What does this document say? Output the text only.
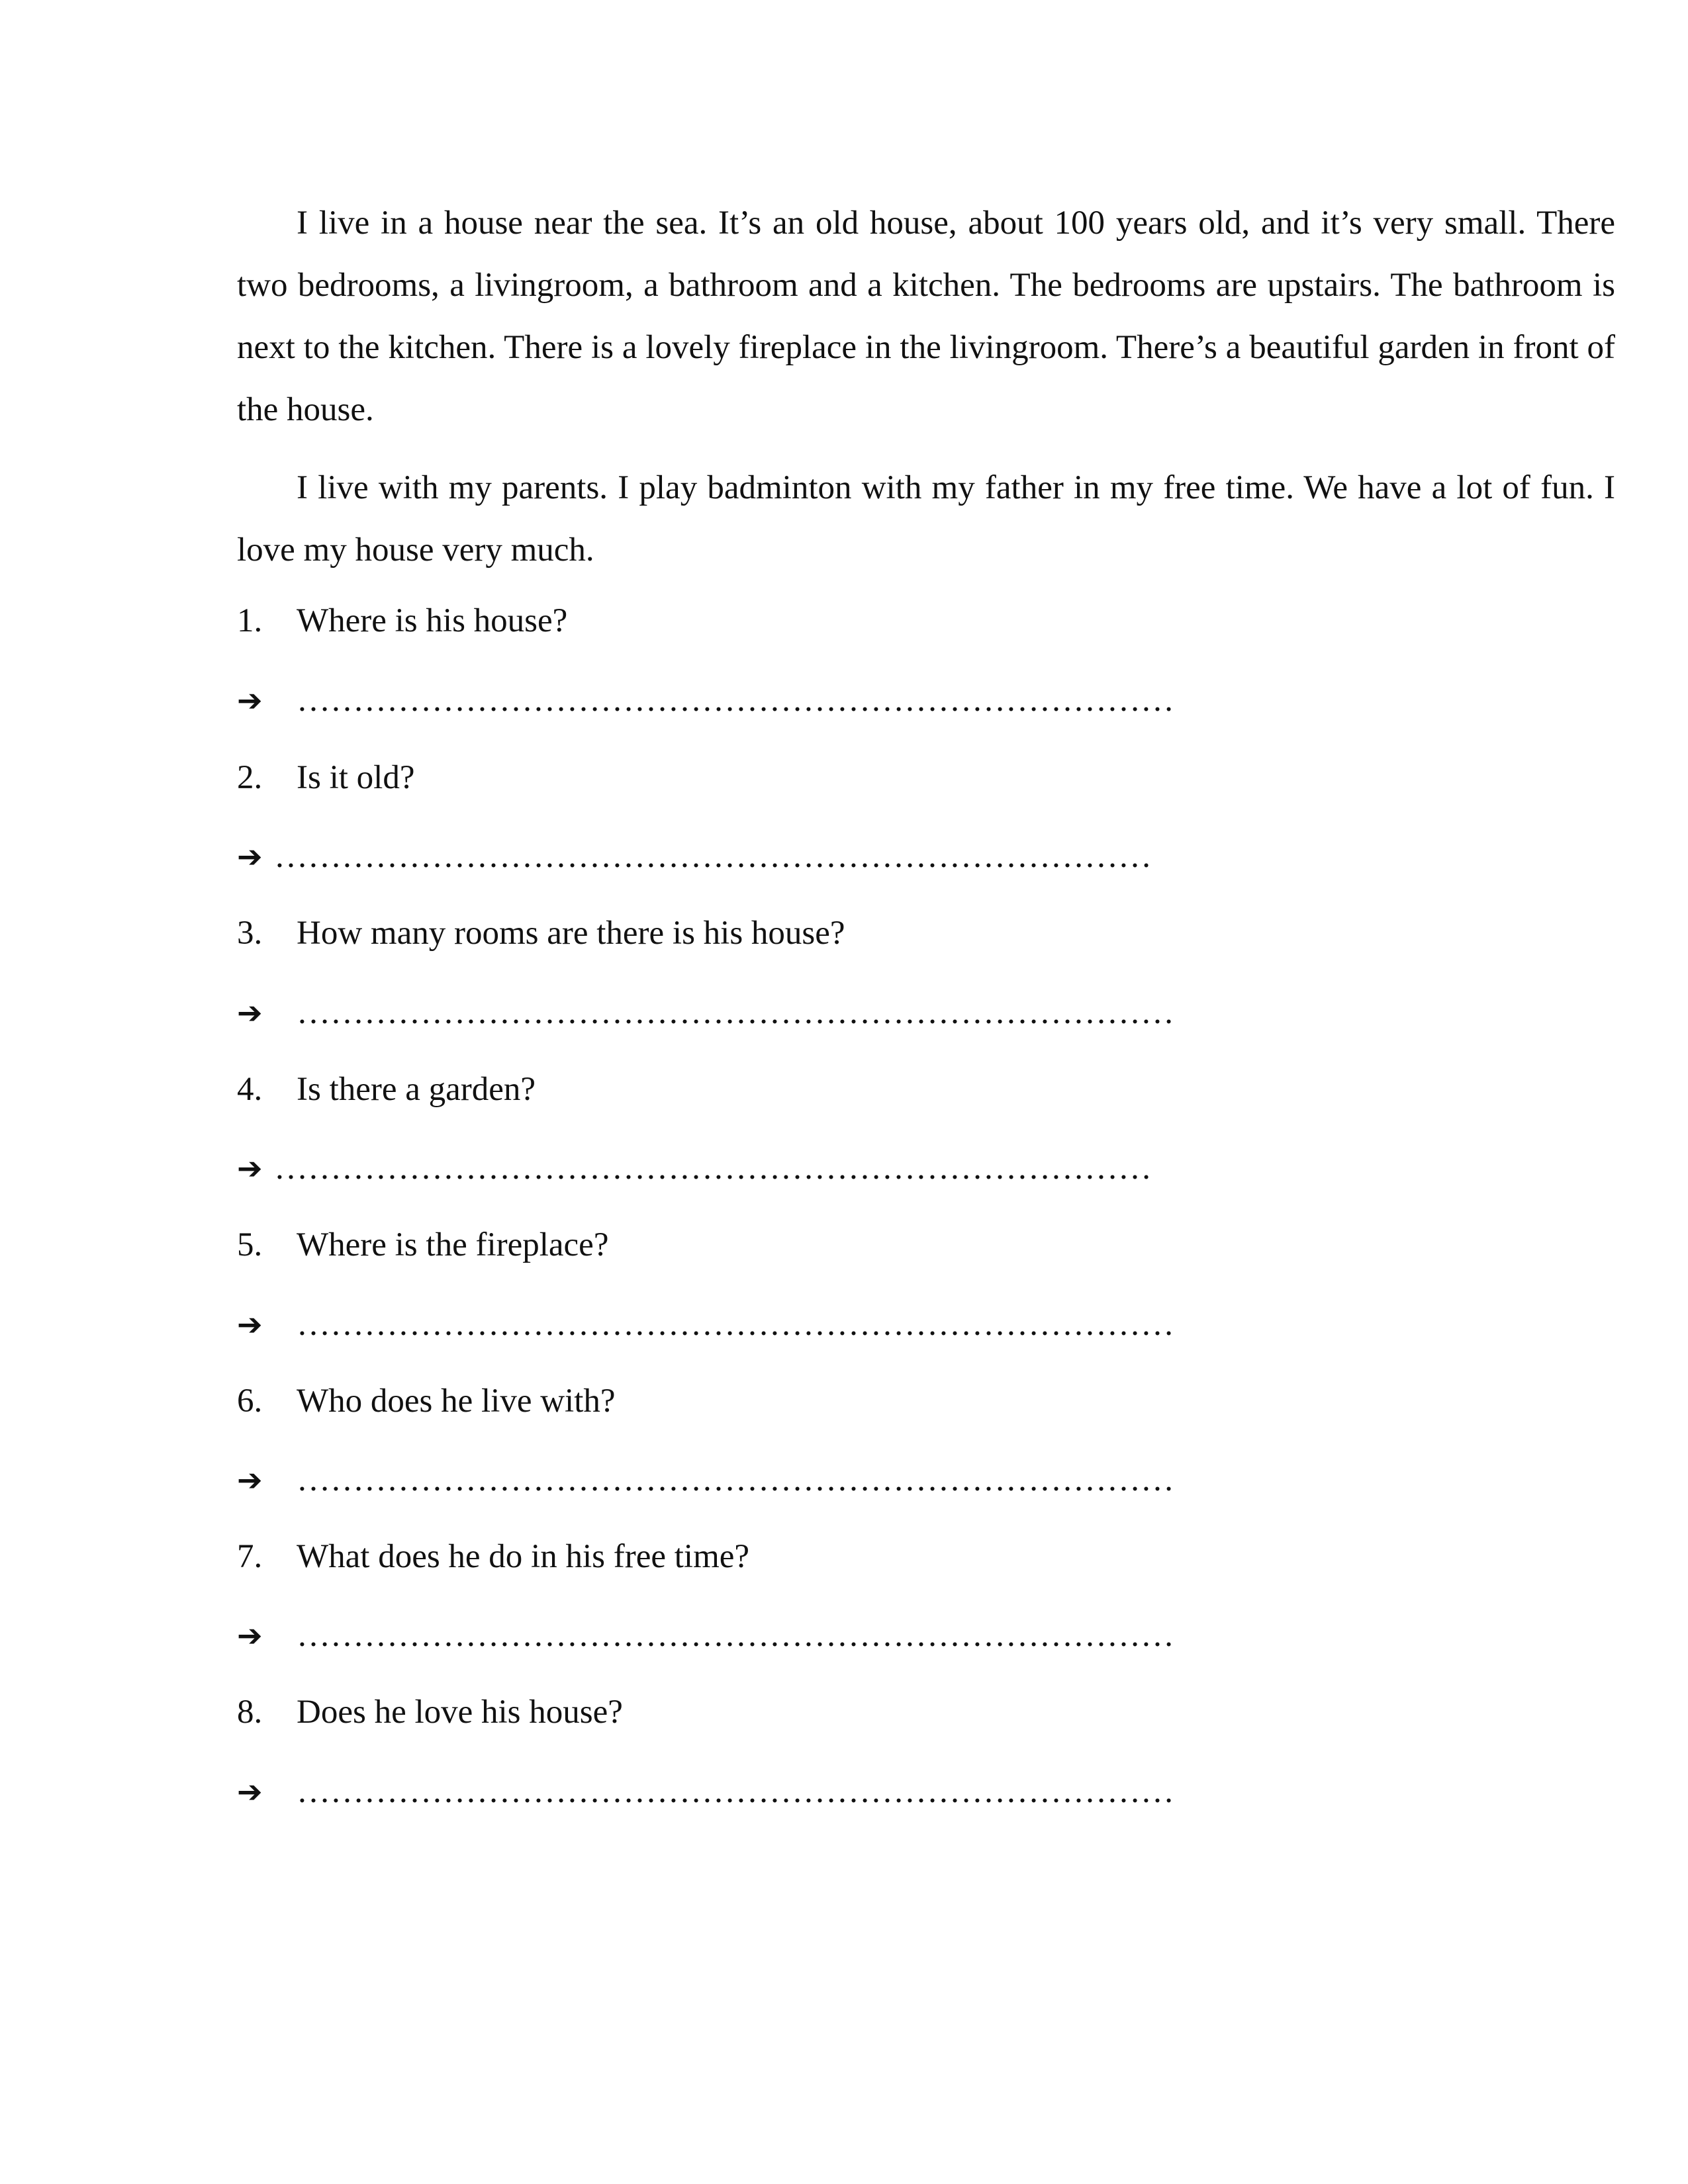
I live in a house near the sea. It’s an old house, about 100 years old, and it’s very small. There two bedrooms, a livingroom, a bathroom and a kitchen. The bedrooms are upstairs. The bathroom is next to the kitchen. There is a lovely fireplace in the livingroom. There’s a beautiful garden in front of the house.

I live with my parents. I play badminton with my father in my free time. We have a lot of fun. I love my house very much.

1. Where is his house?
➔ ……………………………………………………………………
2. Is it old?
➔ ……………………………………………………………………
3. How many rooms are there is his house?
➔ ……………………………………………………………………
4. Is there a garden?
➔ ……………………………………………………………………
5. Where is the fireplace?
➔ ……………………………………………………………………
6. Who does he live with?
➔ ……………………………………………………………………
7. What does he do in his free time?
➔ ……………………………………………………………………
8. Does he love his house?
➔ ……………………………………………………………………
